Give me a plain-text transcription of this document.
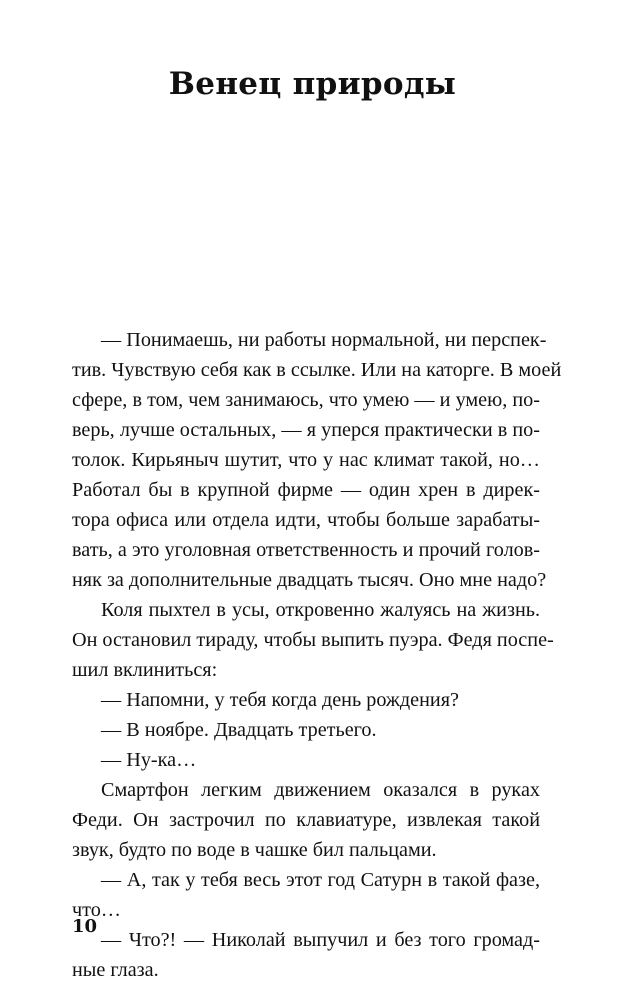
Венец природы
— Понимаешь, ни работы нормальной, ни перспек-
тив. Чувствую себя как в ссылке. Или на каторге. В моей
сфере, в том, чем занимаюсь, что умею — и умею, по-
верь, лучше остальных, — я уперся практически в по-
толок. Кирьяныч шутит, что у нас климат такой, но…
Работал бы в крупной фирме — один хрен в дирек-
тора офиса или отдела идти, чтобы больше зарабаты-
вать, а это уголовная ответственность и прочий голов-
няк за дополнительные двадцать тысяч. Оно мне надо?
Коля пыхтел в усы, откровенно жалуясь на жизнь.
Он остановил тираду, чтобы выпить пуэра. Федя поспе-
шил вклиниться:
— Напомни, у тебя когда день рождения?
— В ноябре. Двадцать третьего.
— Ну-ка…
Смартфон легким движением оказался в руках
Феди. Он застрочил по клавиатуре, извлекая такой
звук, будто по воде в чашке бил пальцами.
— А, так у тебя весь этот год Сатурн в такой фазе,
что…
— Что?! — Николай выпучил и без того громад-
ные глаза.
10
